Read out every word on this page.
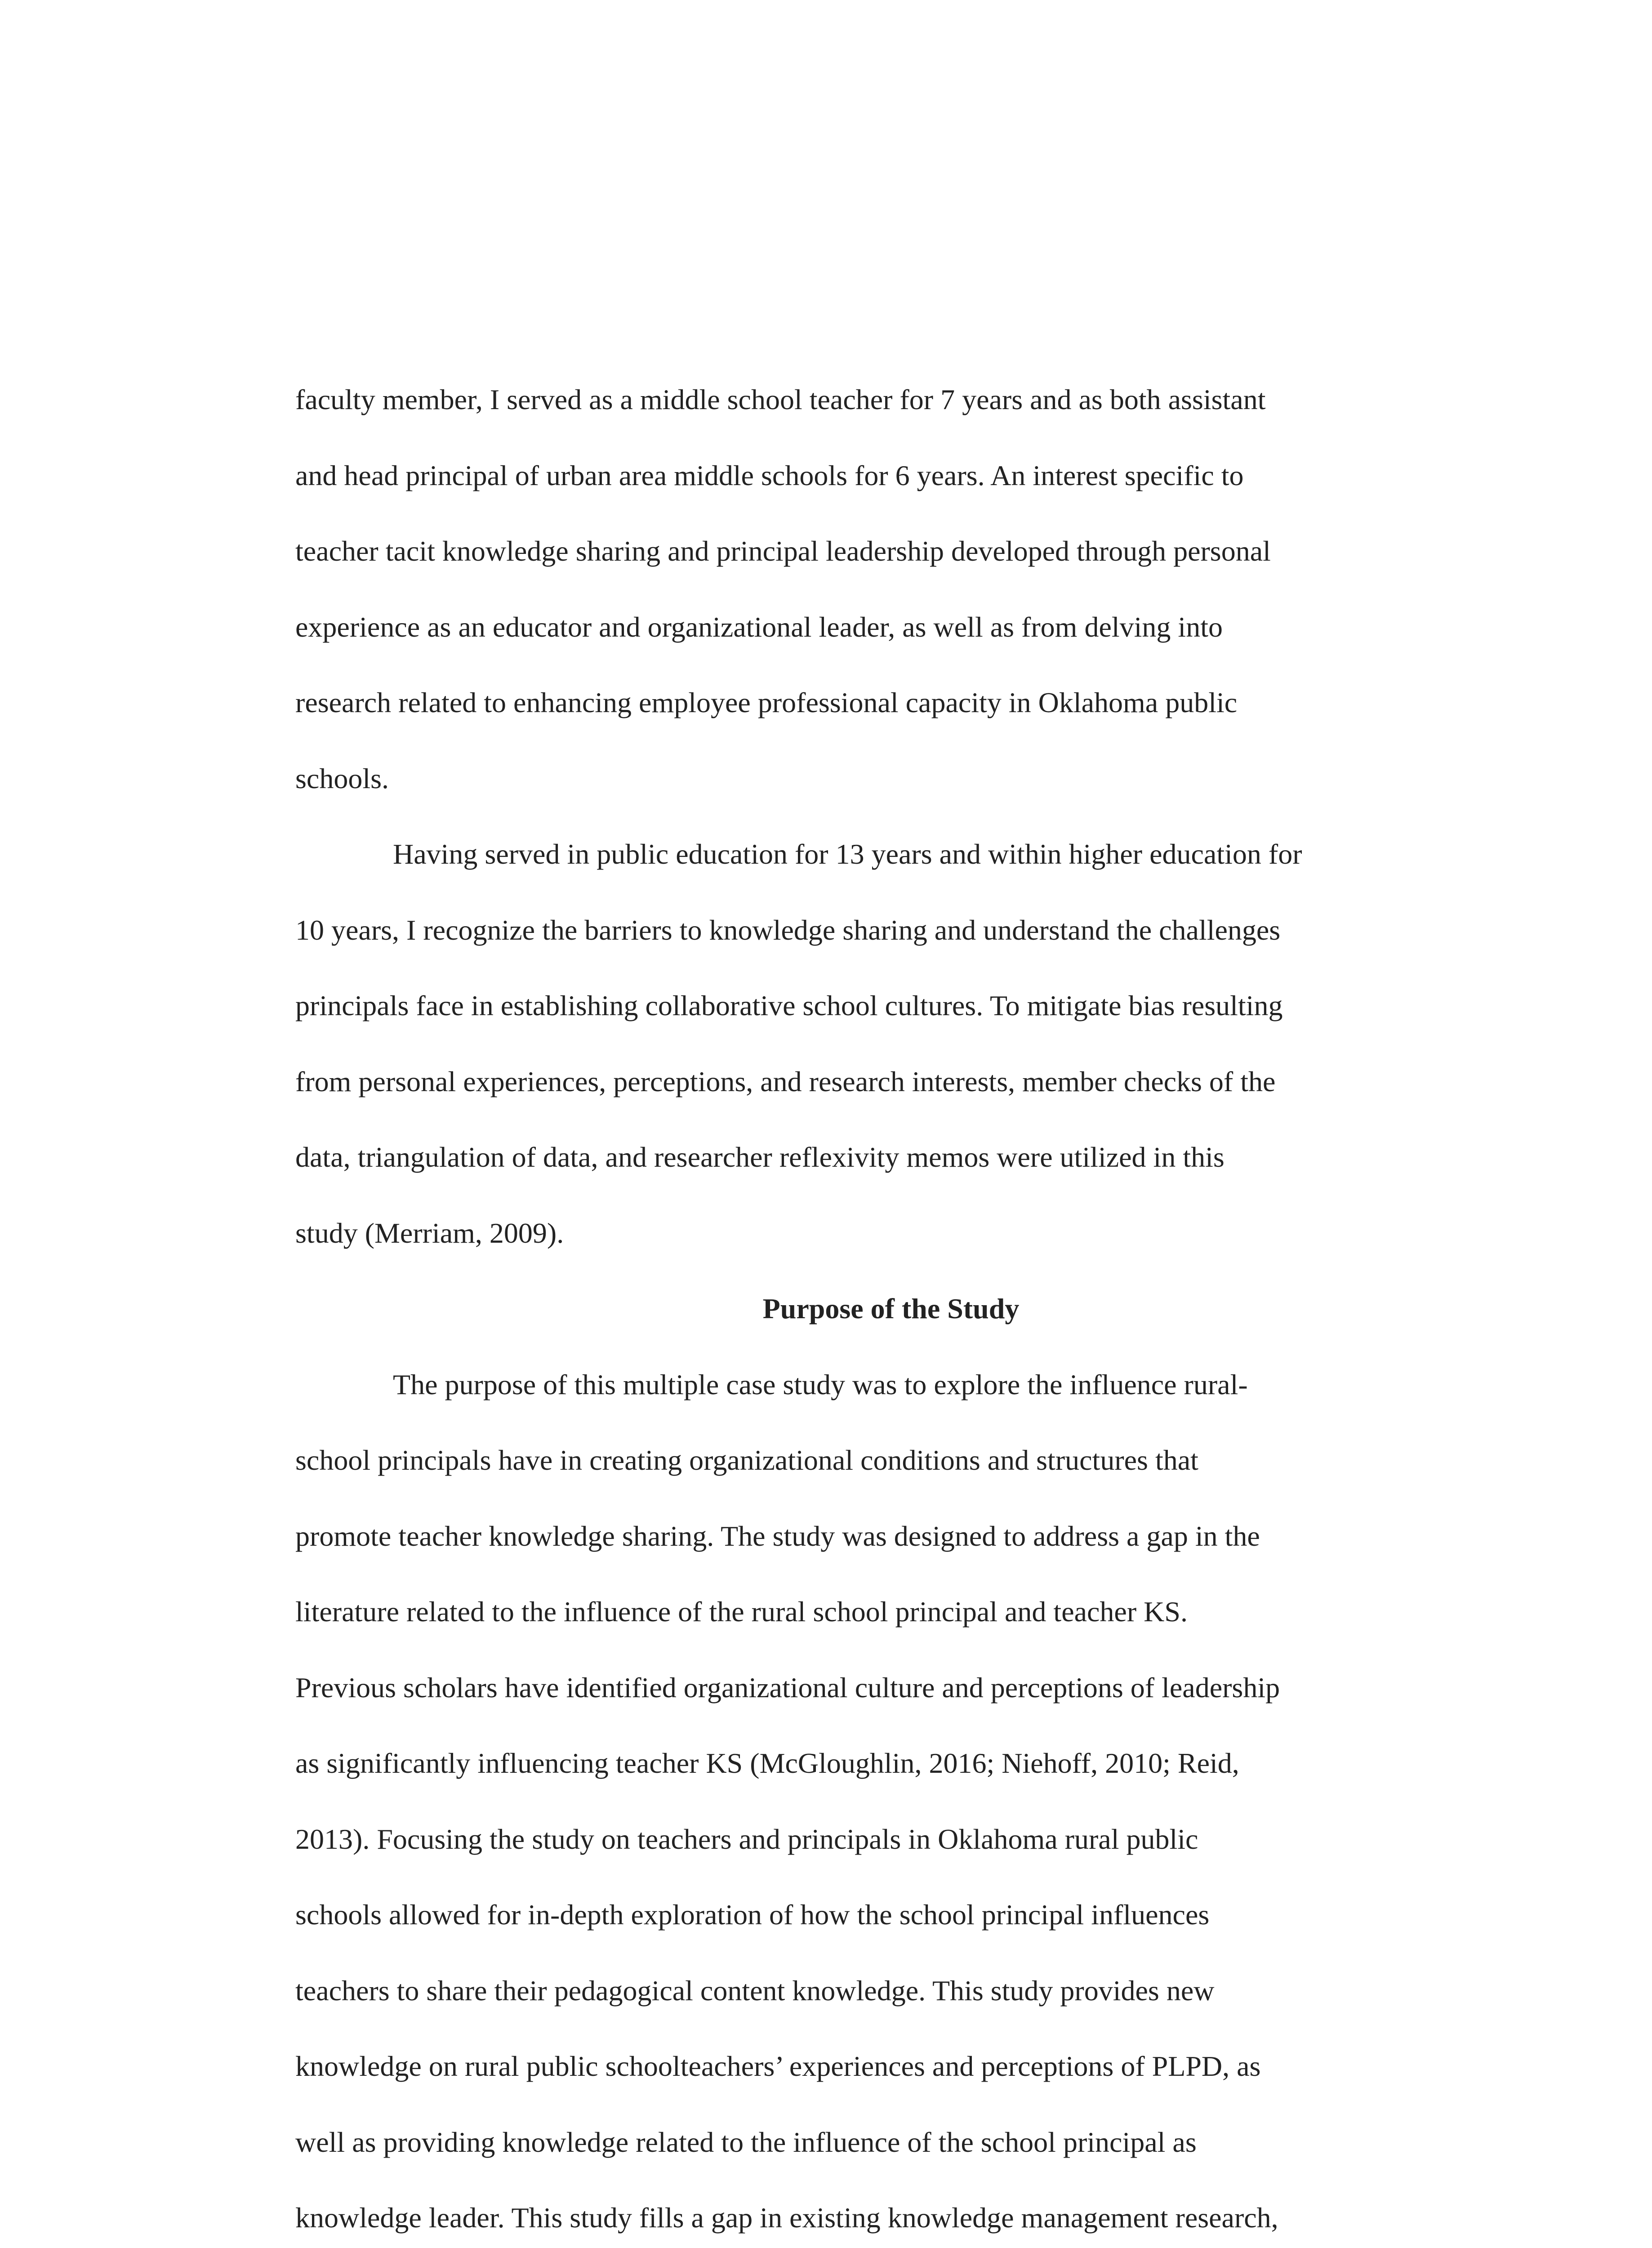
faculty member, I served as a middle school teacher for 7 years and as both assistant
and head principal of urban area middle schools for 6 years. An interest specific to
teacher tacit knowledge sharing and principal leadership developed through personal
experience as an educator and organizational leader, as well as from delving into
research related to enhancing employee professional capacity in Oklahoma public
schools.
Having served in public education for 13 years and within higher education for
10 years, I recognize the barriers to knowledge sharing and understand the challenges
principals face in establishing collaborative school cultures. To mitigate bias resulting
from personal experiences, perceptions, and research interests, member checks of the
data, triangulation of data, and researcher reflexivity memos were utilized in this
study (Merriam, 2009).
Purpose of the Study
The purpose of this multiple case study was to explore the influence rural-
school principals have in creating organizational conditions and structures that
promote teacher knowledge sharing. The study was designed to address a gap in the
literature related to the influence of the rural school principal and teacher KS.
Previous scholars have identified organizational culture and perceptions of leadership
as significantly influencing teacher KS (McGloughlin, 2016; Niehoff, 2010; Reid,
2013). Focusing the study on teachers and principals in Oklahoma rural public
schools allowed for in-depth exploration of how the school principal influences
teachers to share their pedagogical content knowledge. This study provides new
knowledge on rural public schoolteachers’ experiences and perceptions of PLPD, as
well as providing knowledge related to the influence of the school principal as
knowledge leader. This study fills a gap in existing knowledge management research,
